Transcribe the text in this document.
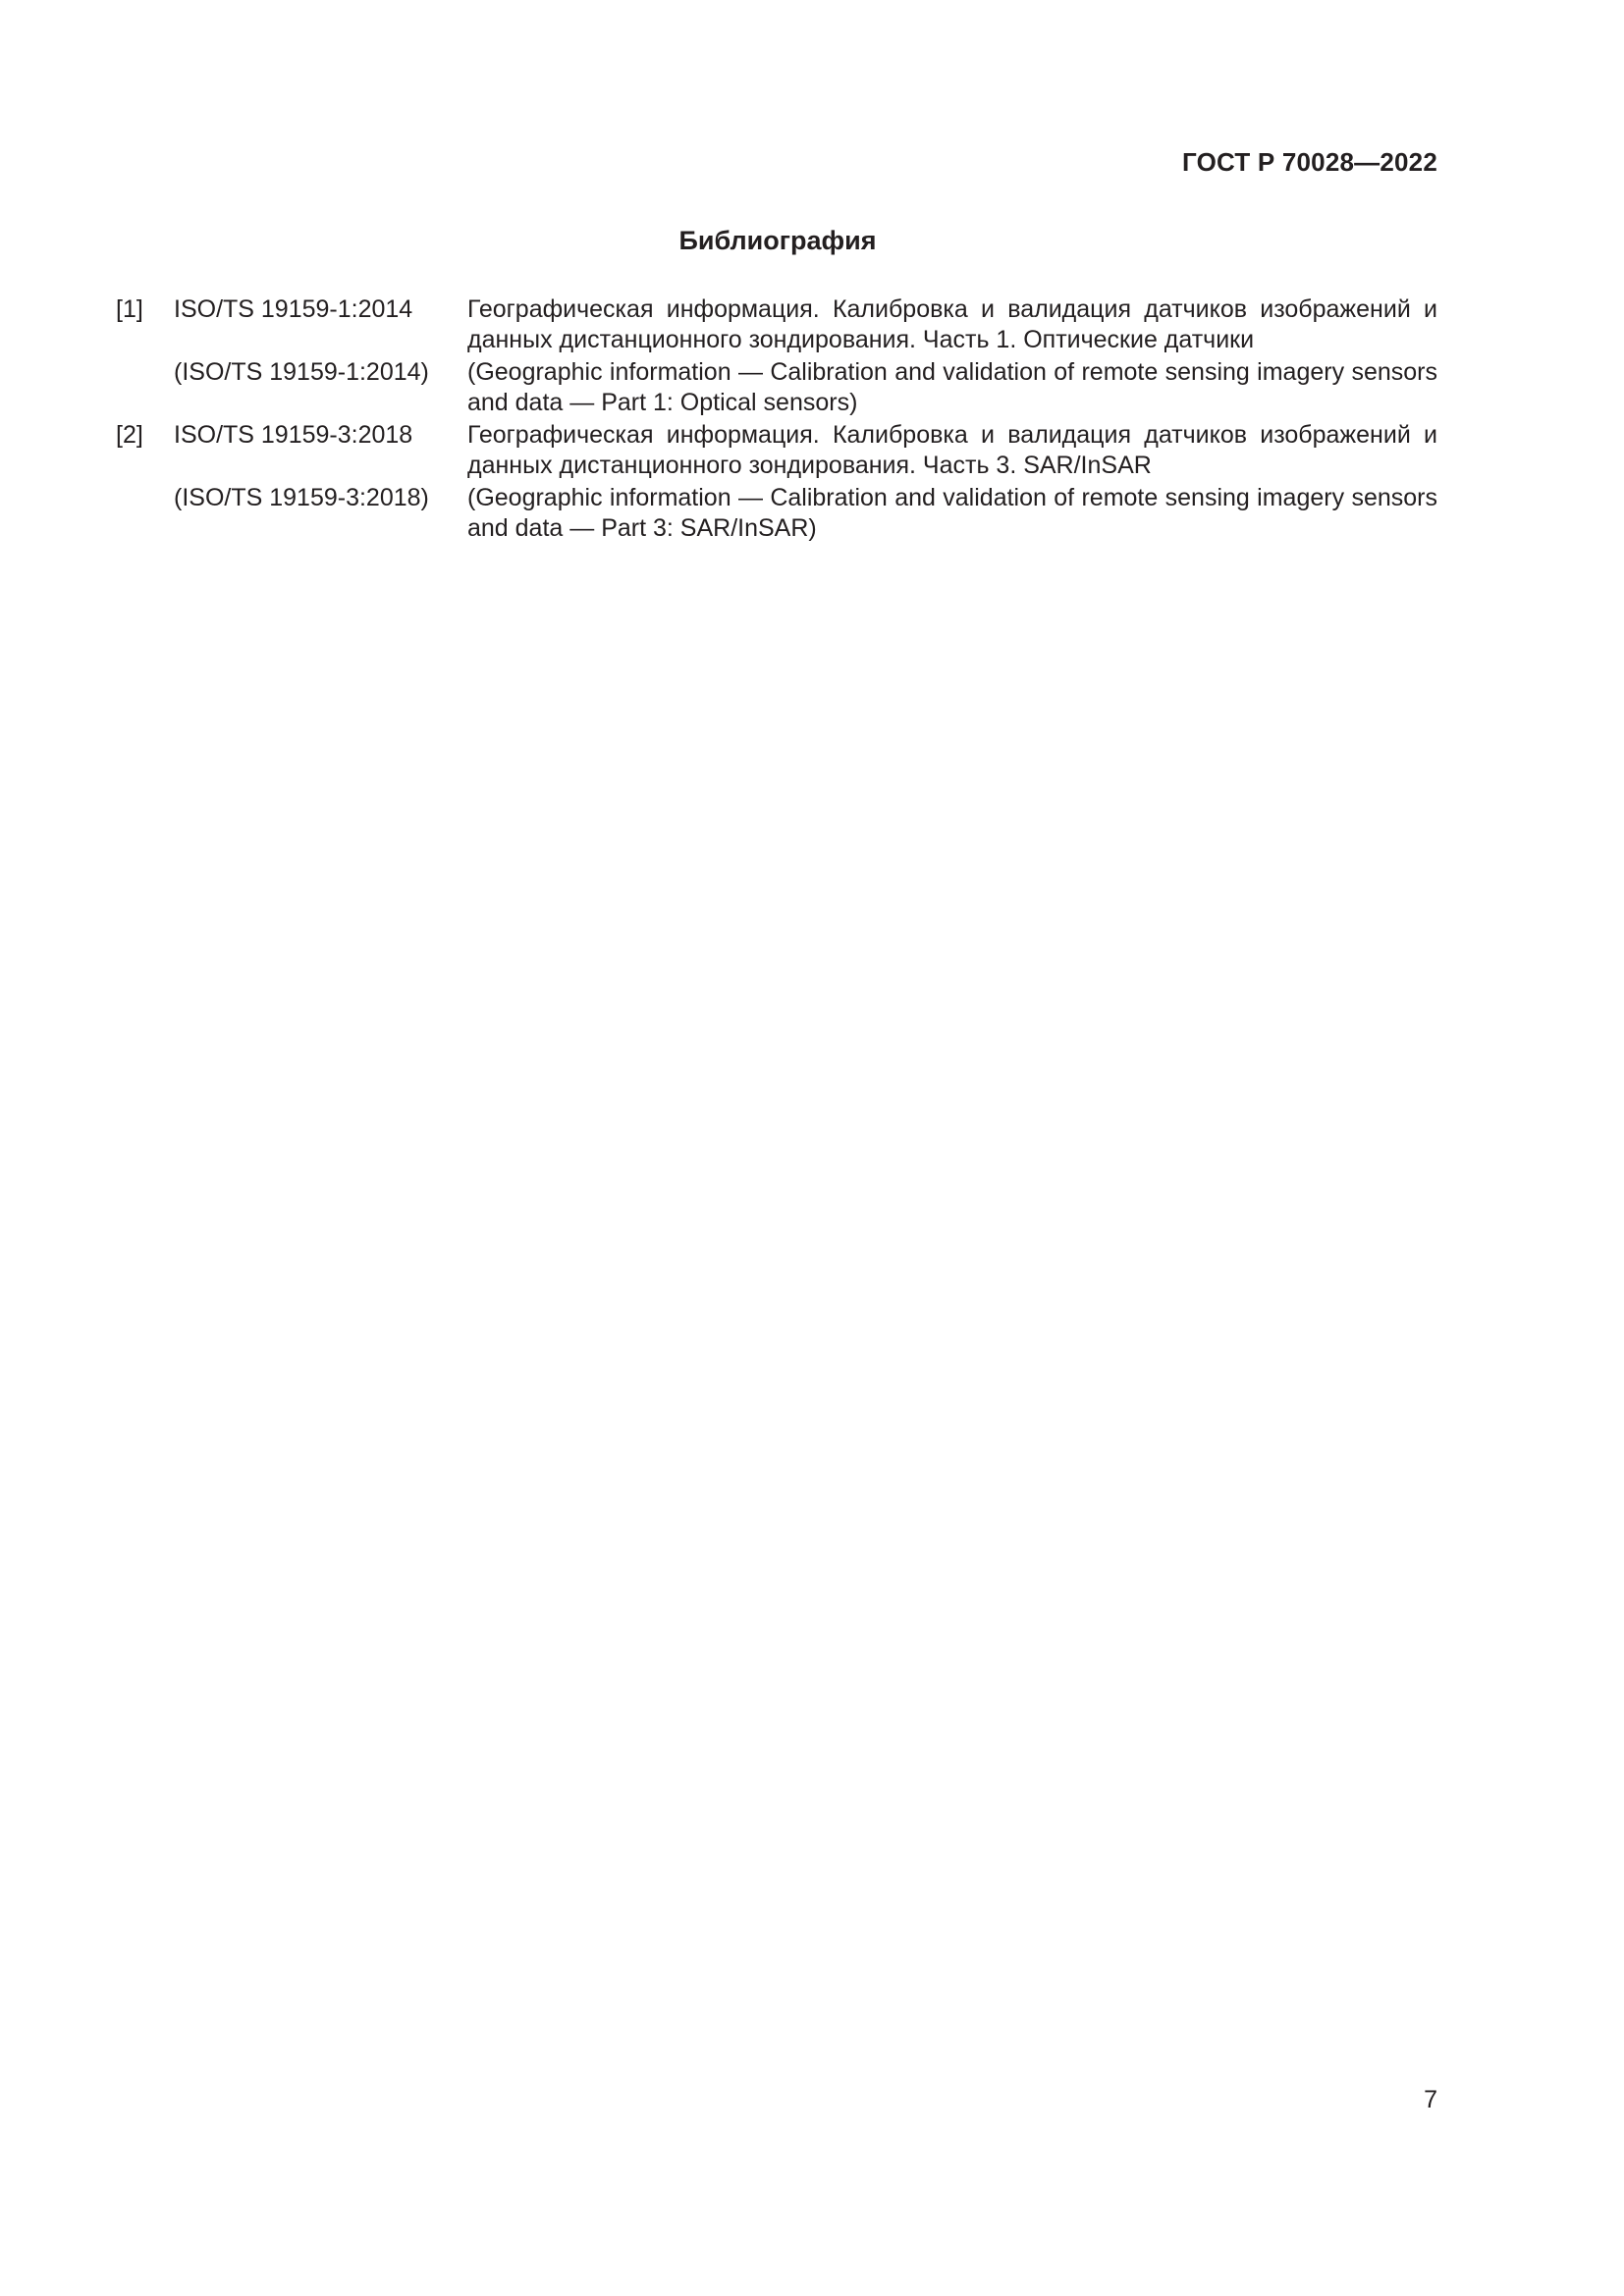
ГОСТ Р 70028—2022
Библиография
[1]	ISO/TS 19159-1:2014	Географическая информация. Калибровка и валидация датчиков изображений и данных дистанционного зондирования. Часть 1. Оптические датчики
(ISO/TS 19159-1:2014)	(Geographic information — Calibration and validation of remote sensing imagery sensors and data — Part 1: Optical sensors)
[2]	ISO/TS 19159-3:2018	Географическая информация. Калибровка и валидация датчиков изображений и данных дистанционного зондирования. Часть 3. SAR/InSAR
(ISO/TS 19159-3:2018)	(Geographic information — Calibration and validation of remote sensing imagery sensors and data — Part 3: SAR/InSAR)
7
